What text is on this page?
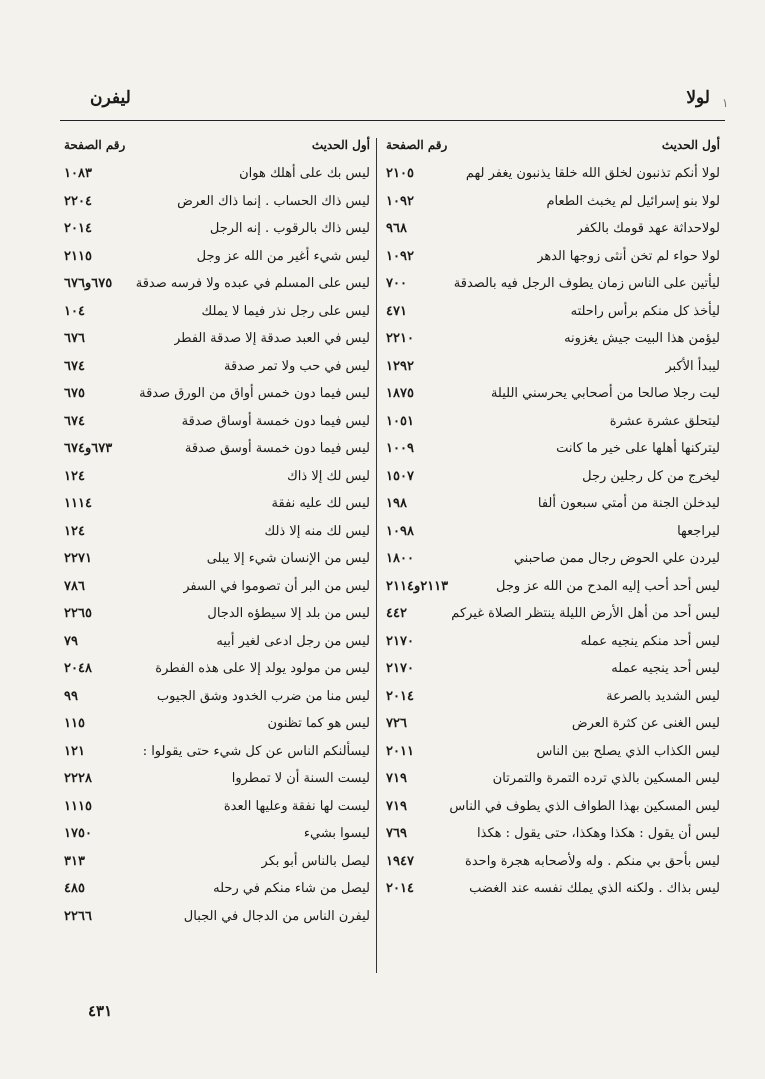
١
ليفرن	لولا
أول الحديث
رقم الصفحة
لولا أنكم تذنبون لخلق الله خلقا يذنبون يغفر لهم
٢١٠٥
لولا بنو إسرائيل لم يخبث الطعام
١٠٩٢
لولاحداثة عهد قومك بالكفر
٩٦٨
لولا حواء لم تخن أنثى زوجها الدهر
١٠٩٢
ليأتين على الناس زمان يطوف الرجل فيه بالصدقة
٧٠٠
ليأخذ كل منكم برأس راحلته
٤٧١
ليؤمن هذا البيت جيش يغزونه
٢٢١٠
ليبدأ الأكبر
١٢٩٢
ليت رجلا صالحا من أصحابي يحرسني الليلة
١٨٧٥
ليتحلق عشرة عشرة
١٠٥١
ليتركنها أهلها على خير ما كانت
١٠٠٩
ليخرج من كل رجلين رجل
١٥٠٧
ليدخلن الجنة من أمتي سبعون ألفا
١٩٨
ليراجعها
١٠٩٨
ليردن علي الحوض رجال ممن صاحبني
١٨٠٠
ليس أحد أحب إليه المدح من الله عز وجل
٢١١٣و٢١١٤
ليس أحد من أهل الأرض الليلة ينتظر الصلاة غيركم
٤٤٢
ليس أحد منكم ينجيه عمله
٢١٧٠
ليس أحد ينجيه عمله
٢١٧٠
ليس الشديد بالصرعة
٢٠١٤
ليس الغنى عن كثرة العرض
٧٢٦
ليس الكذاب الذي يصلح بين الناس
٢٠١١
ليس المسكين بالذي ترده التمرة والتمرتان
٧١٩
ليس المسكين بهذا الطواف الذي يطوف في الناس
٧١٩
ليس أن يقول : هكذا وهكذا، حتى يقول : هكذا
٧٦٩
ليس بأحق بي منكم . وله ولأصحابه هجرة واحدة
١٩٤٧
ليس بذاك . ولكنه الذي يملك نفسه عند الغضب
٢٠١٤
أول الحديث
رقم الصفحة
ليس بك على أهلك هوان
١٠٨٣
ليس ذاك الحساب . إنما ذاك العرض
٢٢٠٤
ليس ذاك بالرقوب . إنه الرجل
٢٠١٤
ليس شيء أغير من الله عز وجل
٢١١٥
ليس على المسلم في عبده ولا فرسه صدقة
٦٧٥و٦٧٦
ليس على رجل نذر فيما لا يملك
١٠٤
ليس في العبد صدقة إلا صدقة الفطر
٦٧٦
ليس في حب ولا تمر صدقة
٦٧٤
ليس فيما دون خمس أواق من الورق صدقة
٦٧٥
ليس فيما دون خمسة أوساق صدقة
٦٧٤
ليس فيما دون خمسة أوسق صدقة
٦٧٣و٦٧٤
ليس لك إلا ذاك
١٢٤
ليس لك عليه نفقة
١١١٤
ليس لك منه إلا ذلك
١٢٤
ليس من الإنسان شيء إلا يبلى
٢٢٧١
ليس من البر أن تصوموا في السفر
٧٨٦
ليس من بلد إلا سيطؤه الدجال
٢٢٦٥
ليس من رجل ادعى لغير أبيه
٧٩
ليس من مولود يولد إلا على هذه الفطرة
٢٠٤٨
ليس منا من ضرب الخدود وشق الجيوب
٩٩
ليس هو كما تظنون
١١٥
ليسألنكم الناس عن كل شيء حتى يقولوا :
١٢١
ليست السنة أن لا تمطروا
٢٢٢٨
ليست لها نفقة وعليها العدة
١١١٥
ليسوا بشيء
١٧٥٠
ليصل بالناس أبو بكر
٣١٣
ليصل من شاء منكم في رحله
٤٨٥
ليفرن الناس من الدجال في الجبال
٢٢٦٦
٤٣١
